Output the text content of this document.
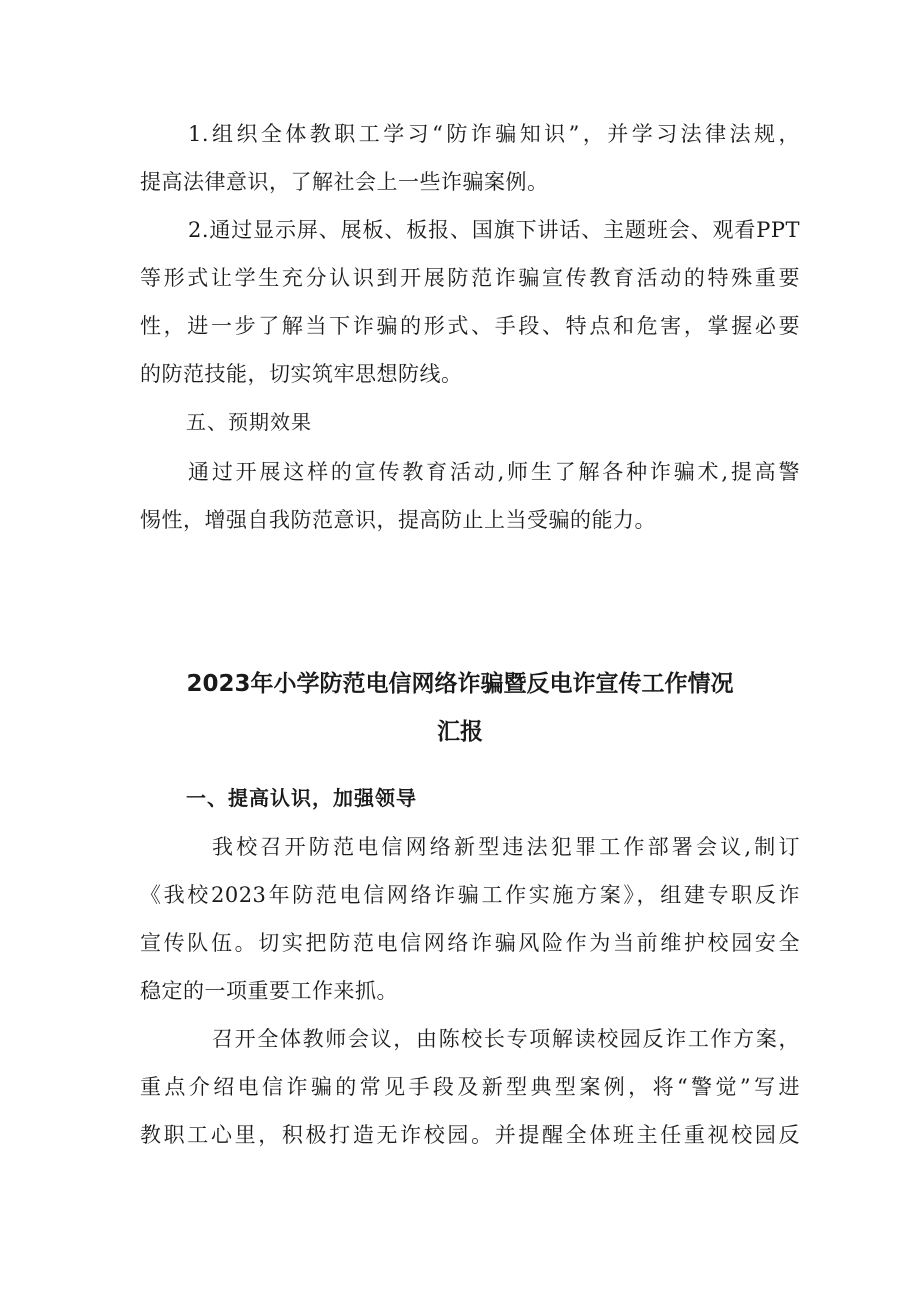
1.组织全体教职工学习“防诈骗知识”，并学习法律法规，
提高法律意识，了解社会上一些诈骗案例。
2.通过显示屏、展板、板报、国旗下讲话、主题班会、观看PPT
等形式让学生充分认识到开展防范诈骗宣传教育活动的特殊重要
性，进一步了解当下诈骗的形式、手段、特点和危害，掌握必要
的防范技能，切实筑牢思想防线。
五、预期效果
通过开展这样的宣传教育活动,师生了解各种诈骗术,提高警
惕性，增强自我防范意识，提高防止上当受骗的能力。
2023年小学防范电信网络诈骗暨反电诈宣传工作情况
汇报
一、提高认识，加强领导
我校召开防范电信网络新型违法犯罪工作部署会议,制订
《我校2023年防范电信网络诈骗工作实施方案》，组建专职反诈
宣传队伍。切实把防范电信网络诈骗风险作为当前维护校园安全
稳定的一项重要工作来抓。
召开全体教师会议，由陈校长专项解读校园反诈工作方案，
重点介绍电信诈骗的常见手段及新型典型案例，将“警觉”写进
教职工心里，积极打造无诈校园。并提醒全体班主任重视校园反
